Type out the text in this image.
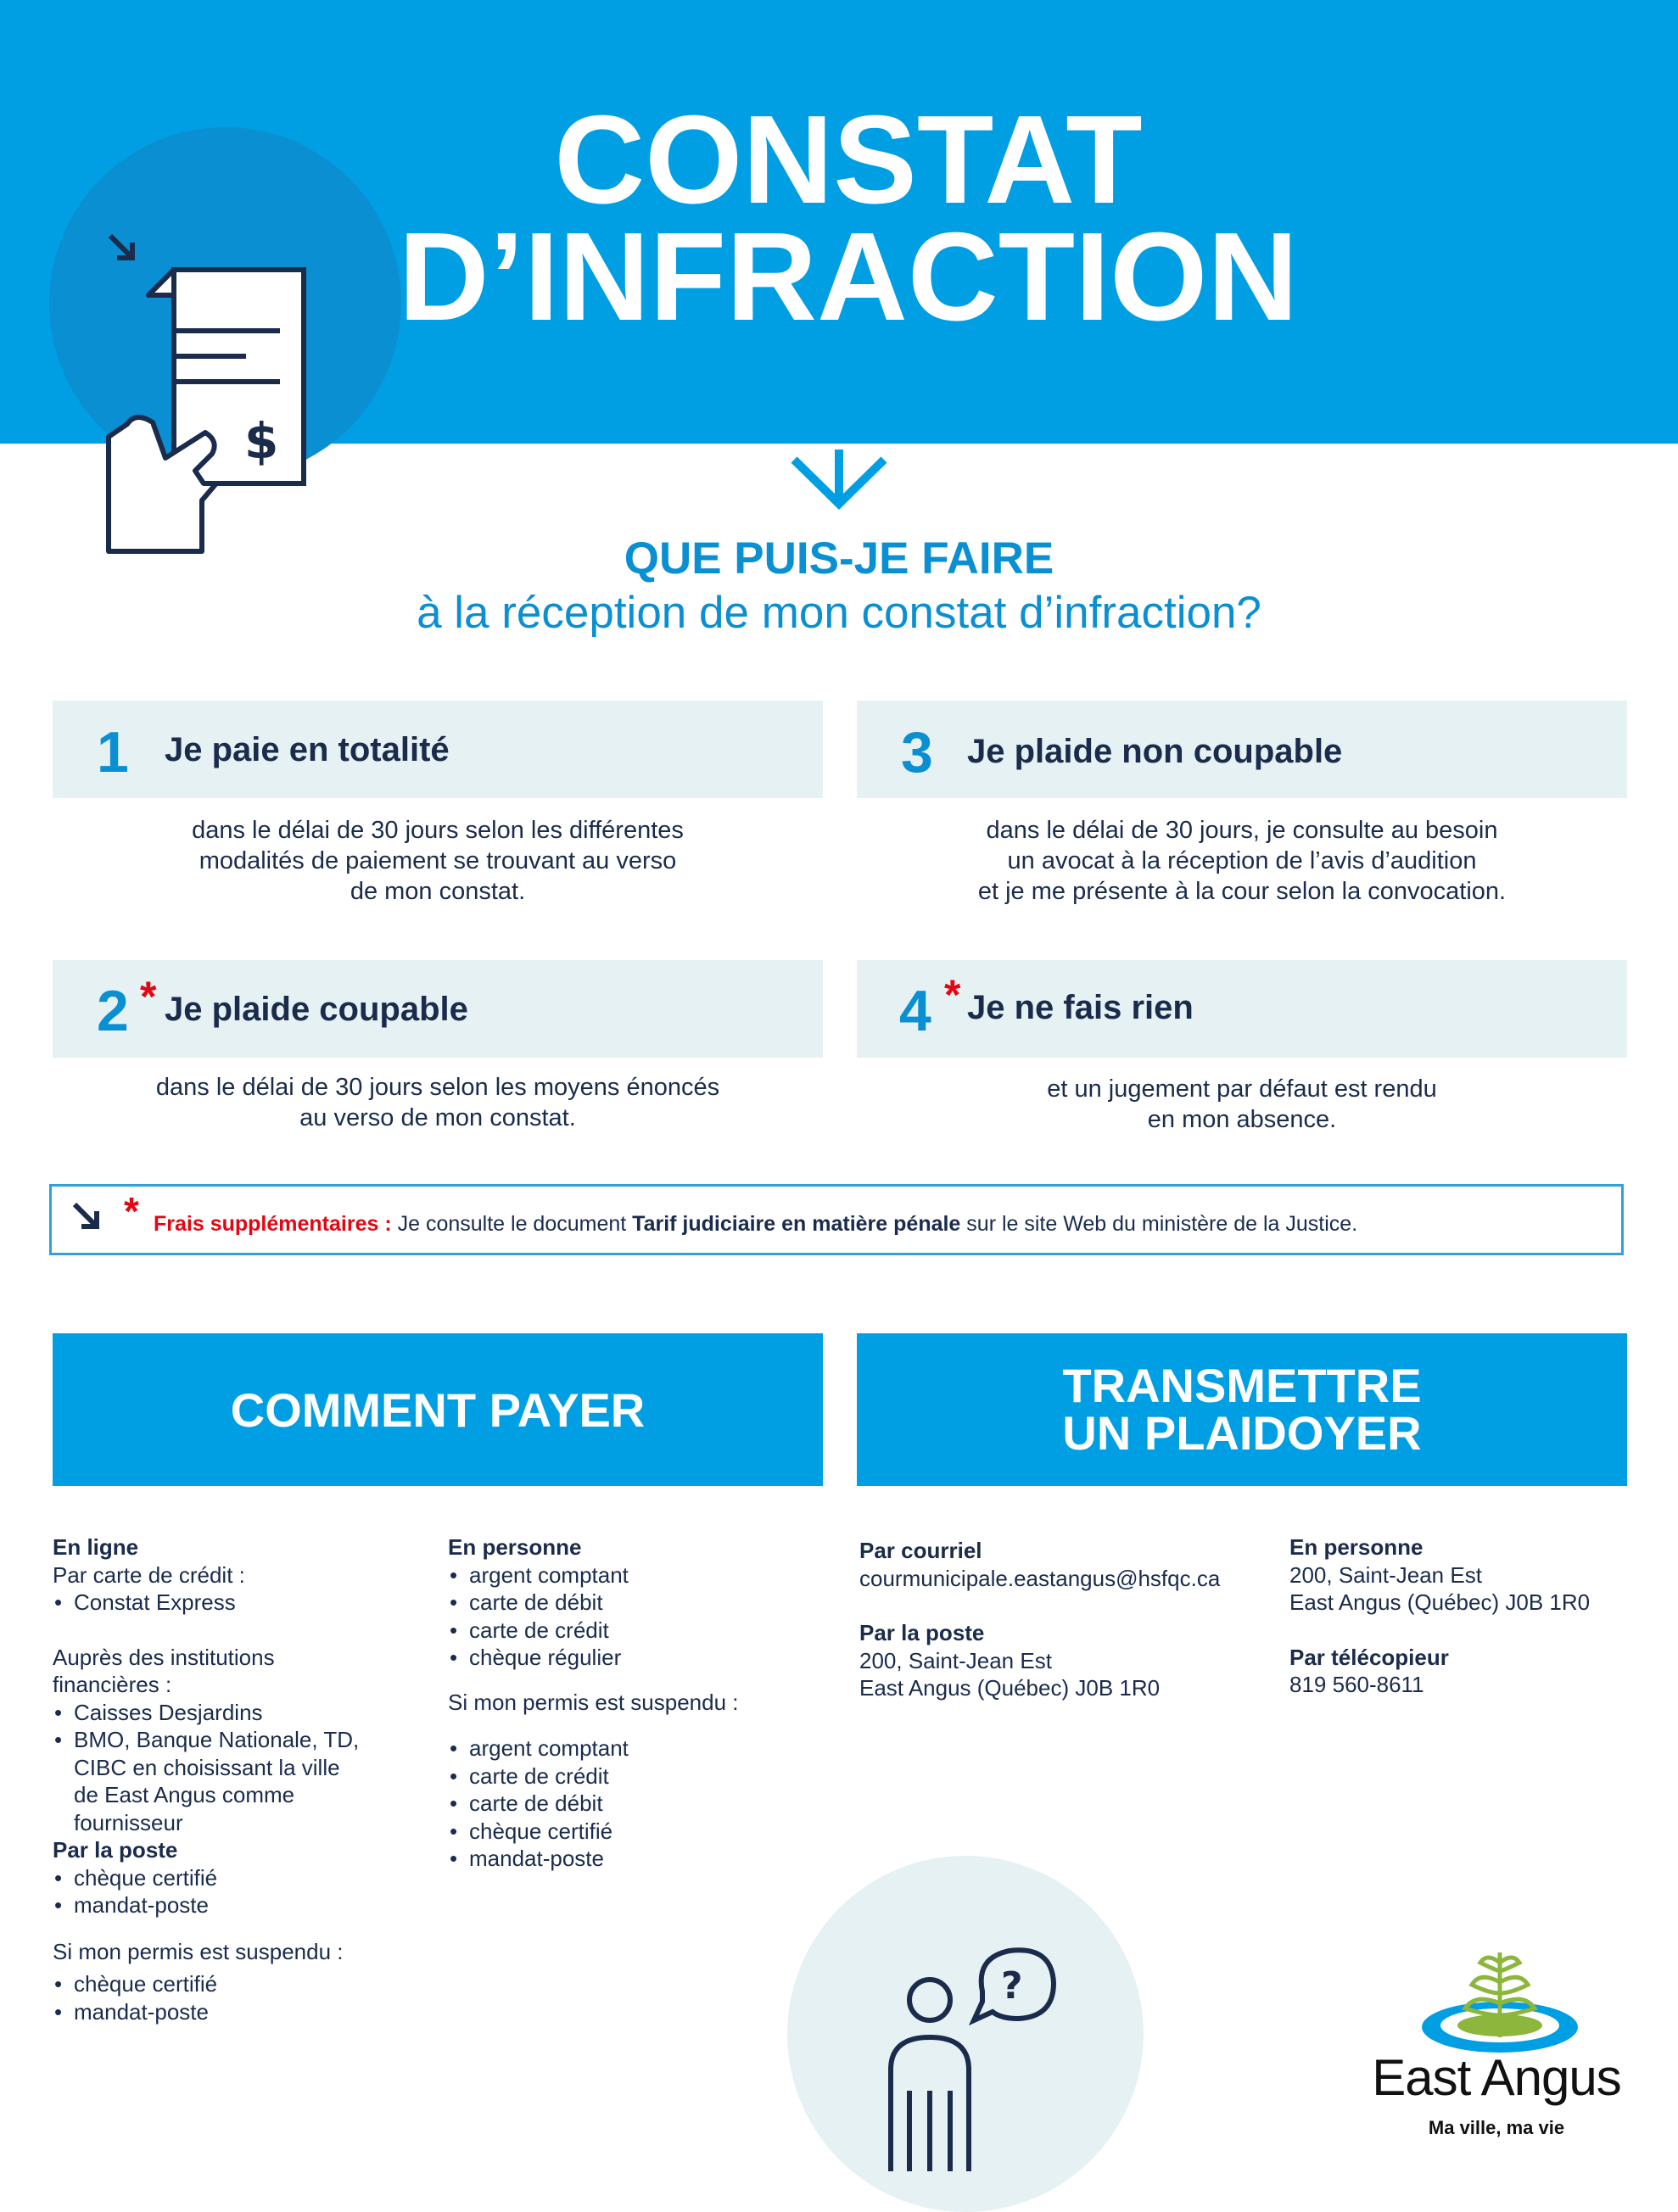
$
CONSTAT
D’INFRACTION

QUE PUIS-JE FAIRE

à la réception de mon constat d’infraction?

1 Je paie en totalité
dans le délai de 30 jours selon les différentes
modalités de paiement se trouvant au verso
de mon constat.
3 Je plaide non coupable
dans le délai de 30 jours, je consulte au besoin
un avocat à la réception de l’avis d’audition
et je me présente à la cour selon la convocation.
2 * Je plaide coupable
dans le délai de 30 jours selon les moyens énoncés
au verso de mon constat.
4 * Je ne fais rien
et un jugement par défaut est rendu
en mon absence.
* Frais supplémentaires : Je consulte le document Tarif judiciaire en matière pénale sur le site Web du ministère de la Justice.
COMMENT PAYER	TRANSMETTRE
UN PLAIDOYER
En ligne
Par carte de crédit :
• Constat Express
Auprès des institutions
financières :
• Caisses Desjardins
• BMO, Banque Nationale, TD,
CIBC en choisissant la ville
de East Angus comme
fournisseur
Par la poste
• chèque certifié
• mandat-poste
Si mon permis est suspendu :
• chèque certifié
• mandat-poste
En personne
• argent comptant
• carte de débit
• carte de crédit
• chèque régulier
Si mon permis est suspendu :
• argent comptant
• carte de crédit
• carte de débit
• chèque certifié
• mandat-poste
Par courriel
courmunicipale.eastangus@hsfqc.ca
Par la poste
200, Saint-Jean Est
East Angus (Québec) J0B 1R0
En personne
200, Saint-Jean Est
East Angus (Québec) J0B 1R0
Par télécopieur
819 560-8611
?
East Angus
Ma ville, ma vie
